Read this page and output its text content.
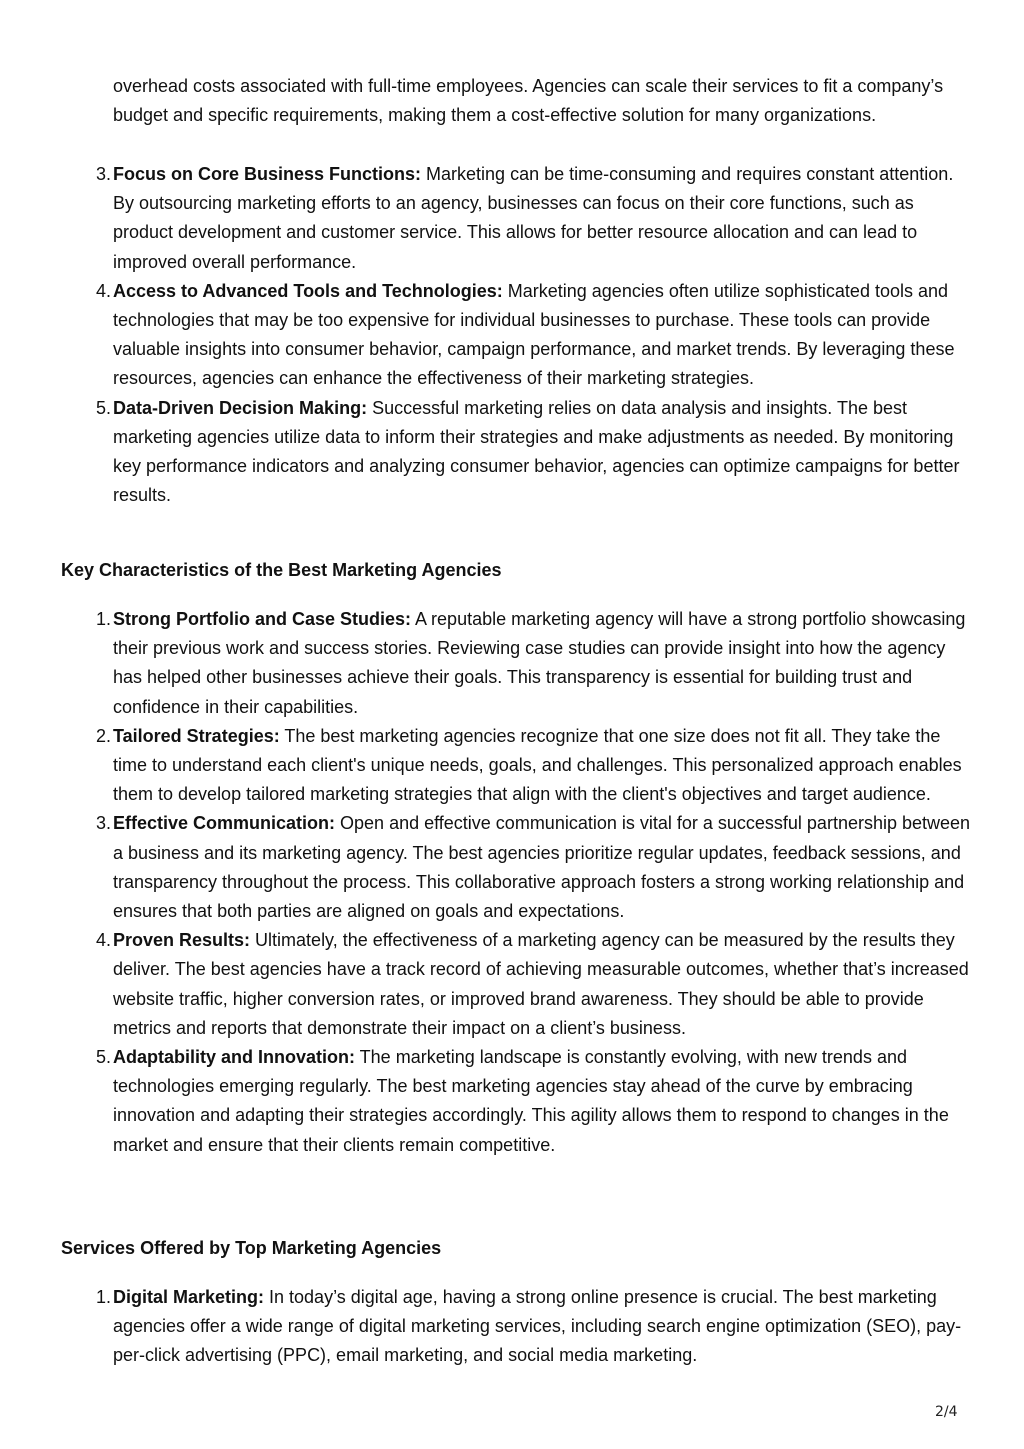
overhead costs associated with full-time employees. Agencies can scale their services to fit a company’s budget and specific requirements, making them a cost-effective solution for many organizations.

3. Focus on Core Business Functions: Marketing can be time-consuming and requires constant attention. By outsourcing marketing efforts to an agency, businesses can focus on their core functions, such as product development and customer service. This allows for better resource allocation and can lead to improved overall performance.
4. Access to Advanced Tools and Technologies: Marketing agencies often utilize sophisticated tools and technologies that may be too expensive for individual businesses to purchase. These tools can provide valuable insights into consumer behavior, campaign performance, and market trends. By leveraging these resources, agencies can enhance the effectiveness of their marketing strategies.
5. Data-Driven Decision Making: Successful marketing relies on data analysis and insights. The best marketing agencies utilize data to inform their strategies and make adjustments as needed. By monitoring key performance indicators and analyzing consumer behavior, agencies can optimize campaigns for better results.
Key Characteristics of the Best Marketing Agencies
1. Strong Portfolio and Case Studies: A reputable marketing agency will have a strong portfolio showcasing their previous work and success stories. Reviewing case studies can provide insight into how the agency has helped other businesses achieve their goals. This transparency is essential for building trust and confidence in their capabilities.
2. Tailored Strategies: The best marketing agencies recognize that one size does not fit all. They take the time to understand each client's unique needs, goals, and challenges. This personalized approach enables them to develop tailored marketing strategies that align with the client's objectives and target audience.
3. Effective Communication: Open and effective communication is vital for a successful partnership between a business and its marketing agency. The best agencies prioritize regular updates, feedback sessions, and transparency throughout the process. This collaborative approach fosters a strong working relationship and ensures that both parties are aligned on goals and expectations.
4. Proven Results: Ultimately, the effectiveness of a marketing agency can be measured by the results they deliver. The best agencies have a track record of achieving measurable outcomes, whether that’s increased website traffic, higher conversion rates, or improved brand awareness. They should be able to provide metrics and reports that demonstrate their impact on a client’s business.
5. Adaptability and Innovation: The marketing landscape is constantly evolving, with new trends and technologies emerging regularly. The best marketing agencies stay ahead of the curve by embracing innovation and adapting their strategies accordingly. This agility allows them to respond to changes in the market and ensure that their clients remain competitive.
Services Offered by Top Marketing Agencies
1. Digital Marketing: In today’s digital age, having a strong online presence is crucial. The best marketing agencies offer a wide range of digital marketing services, including search engine optimization (SEO), pay-per-click advertising (PPC), email marketing, and social media marketing.
2/4
